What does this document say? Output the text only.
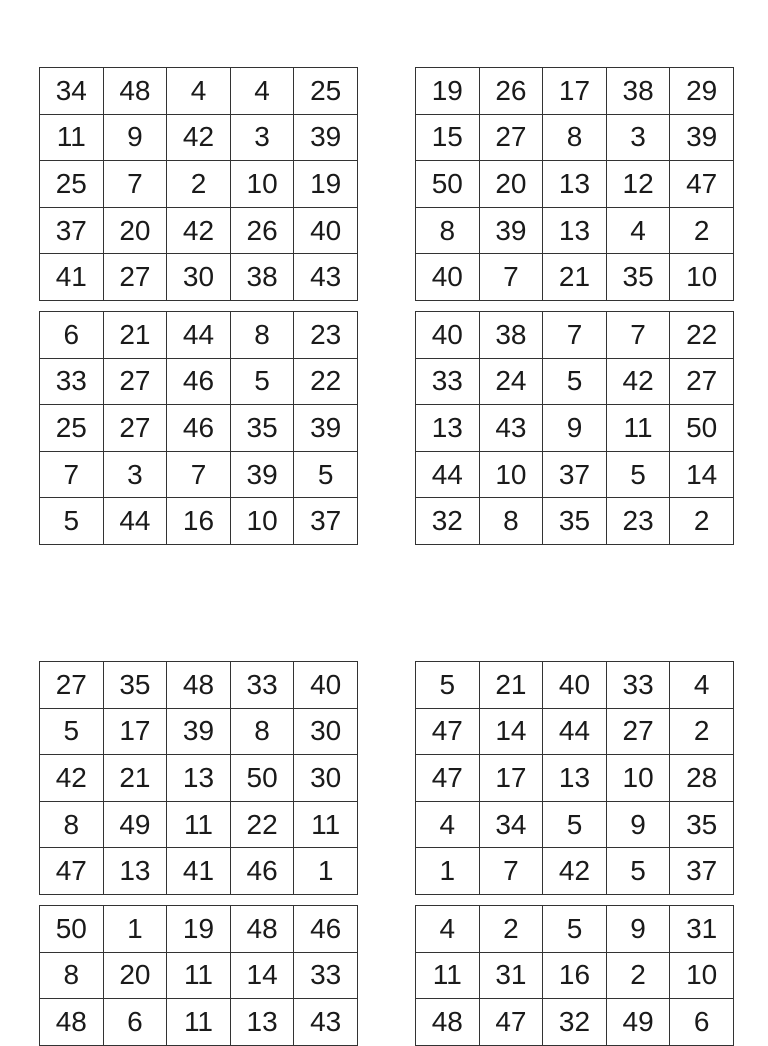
34	48	4	4	25
11	9	42	3	39
25	7	2	10	19
37	20	42	26	40
41	27	30	38	43
19	26	17	38	29
15	27	8	3	39
50	20	13	12	47
8	39	13	4	2
40	7	21	35	10
6	21	44	8	23
33	27	46	5	22
25	27	46	35	39
7	3	7	39	5
5	44	16	10	37
40	38	7	7	22
33	24	5	42	27
13	43	9	11	50
44	10	37	5	14
32	8	35	23	2
27	35	48	33	40
5	17	39	8	30
42	21	13	50	30
8	49	11	22	11
47	13	41	46	1
5	21	40	33	4
47	14	44	27	2
47	17	13	10	28
4	34	5	9	35
1	7	42	5	37
50	1	19	48	46
8	20	11	14	33
48	6	11	13	43
4	2	5	9	31
11	31	16	2	10
48	47	32	49	6
